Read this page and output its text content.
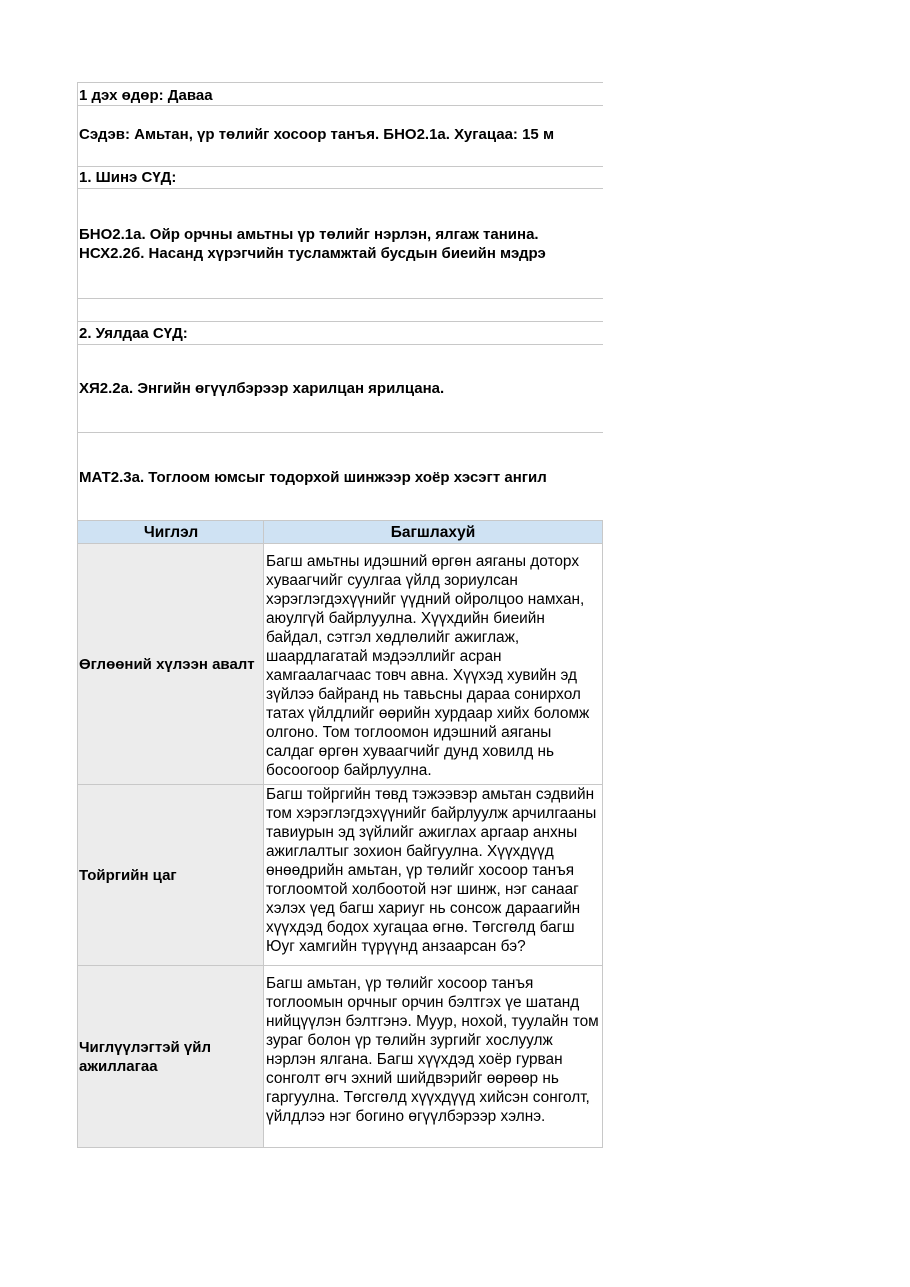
1 дэх өдөр: Даваа
Сэдэв: Амьтан, үр төлийг хосоор танъя. БНО2.1а. Хугацаа: 15 м
1. Шинэ СҮД:
БНО2.1а. Ойр орчны амьтны үр төлийг нэрлэн, ялгаж танина.
НСХ2.2б. Насанд хүрэгчийн тусламжтай бусдын биеийн мэдрэ
2. Уялдаа СҮД:
ХЯ2.2а. Энгийн өгүүлбэрээр харилцан ярилцана.
МАТ2.3а. Тоглоом юмсыг тодорхой шинжээр хоёр хэсэгт ангил
Чиглэл	Багшлахуй
Өглөөний хүлээн авалт
Багш амьтны идэшний өргөн аяганы доторх хуваагчийг суулгаа үйлд зориулсан хэрэглэгдэхүүнийг үүдний ойролцоо намхан, аюулгүй байрлуулна. Хүүхдийн биеийн байдал, сэтгэл хөдлөлийг ажиглаж, шаардлагатай мэдээллийг асран хамгаалагчаас товч авна. Хүүхэд хувийн эд зүйлээ байранд нь тавьсны дараа сонирхол татах үйлдлийг өөрийн хурдаар хийх боломж олгоно. Том тоглоомон идэшний аяганы салдаг өргөн хуваагчийг дунд ховилд нь босоогоор байрлуулна.
Тойргийн цаг
Багш тойргийн төвд тэжээвэр амьтан сэдвийн том хэрэглэгдэхүүнийг байрлуулж арчилгааны тавиурын эд зүйлийг ажиглах аргаар анхны ажиглалтыг зохион байгуулна. Хүүхдүүд өнөөдрийн амьтан, үр төлийг хосоор танъя тоглоомтой холбоотой нэг шинж, нэг санааг хэлэх үед багш хариуг нь сонсож дараагийн хүүхдэд бодох хугацаа өгнө. Төгсгөлд багш Юуг хамгийн түрүүнд анзаарсан бэ?
Чиглүүлэгтэй үйл ажиллагаа
Багш амьтан, үр төлийг хосоор танъя тоглоомын орчныг орчин бэлтгэх үе шатанд нийцүүлэн бэлтгэнэ. Муур, нохой, туулайн том зураг болон үр төлийн зургийг хослуулж нэрлэн ялгана. Багш хүүхдэд хоёр гурван сонголт өгч эхний шийдвэрийг өөрөөр нь гаргуулна. Төгсгөлд хүүхдүүд хийсэн сонголт, үйлдлээ нэг богино өгүүлбэрээр хэлнэ.
